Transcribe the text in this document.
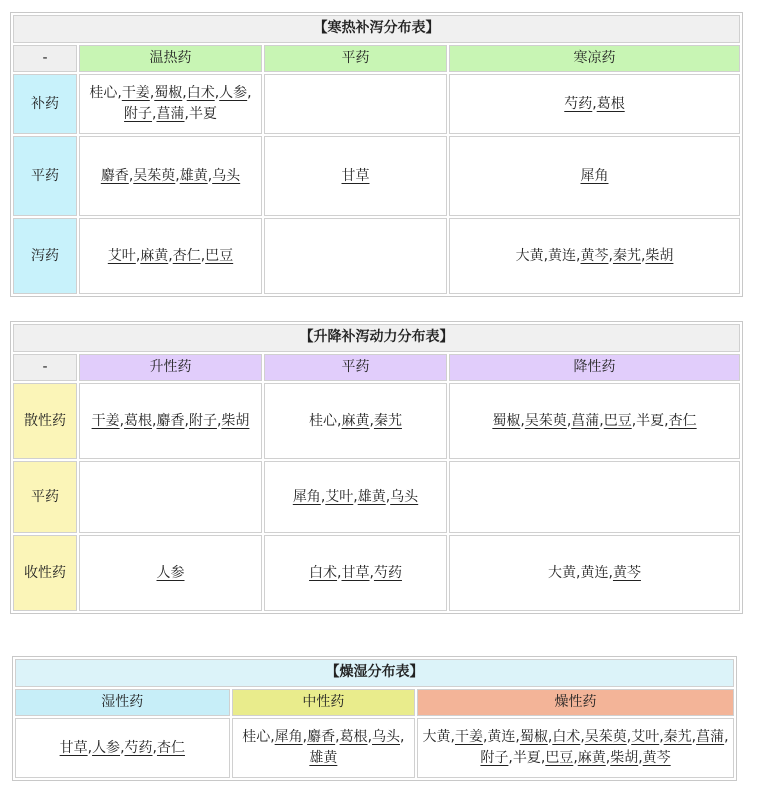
【寒热补泻分布表】			
-	温热药	平药	寒凉药
补药	桂心,干姜,蜀椒,白术,人参,附子,菖蒲,半夏		芍药,葛根
平药	麝香,吴茱萸,雄黄,乌头	甘草	犀角
泻药	艾叶,麻黄,杏仁,巴豆		大黄,黄连,黄芩,秦艽,柴胡
【升降补泻动力分布表】			
-	升性药	平药	降性药
散性药	干姜,葛根,麝香,附子,柴胡	桂心,麻黄,秦艽	蜀椒,吴茱萸,菖蒲,巴豆,半夏,杏仁
平药		犀角,艾叶,雄黄,乌头	
收性药	人参	白术,甘草,芍药	大黄,黄连,黄芩
【燥湿分布表】		
湿性药	中性药	燥性药
甘草,人参,芍药,杏仁	桂心,犀角,麝香,葛根,乌头,雄黄	大黄,干姜,黄连,蜀椒,白术,吴茱萸,艾叶,秦艽,菖蒲,附子,半夏,巴豆,麻黄,柴胡,黄芩
